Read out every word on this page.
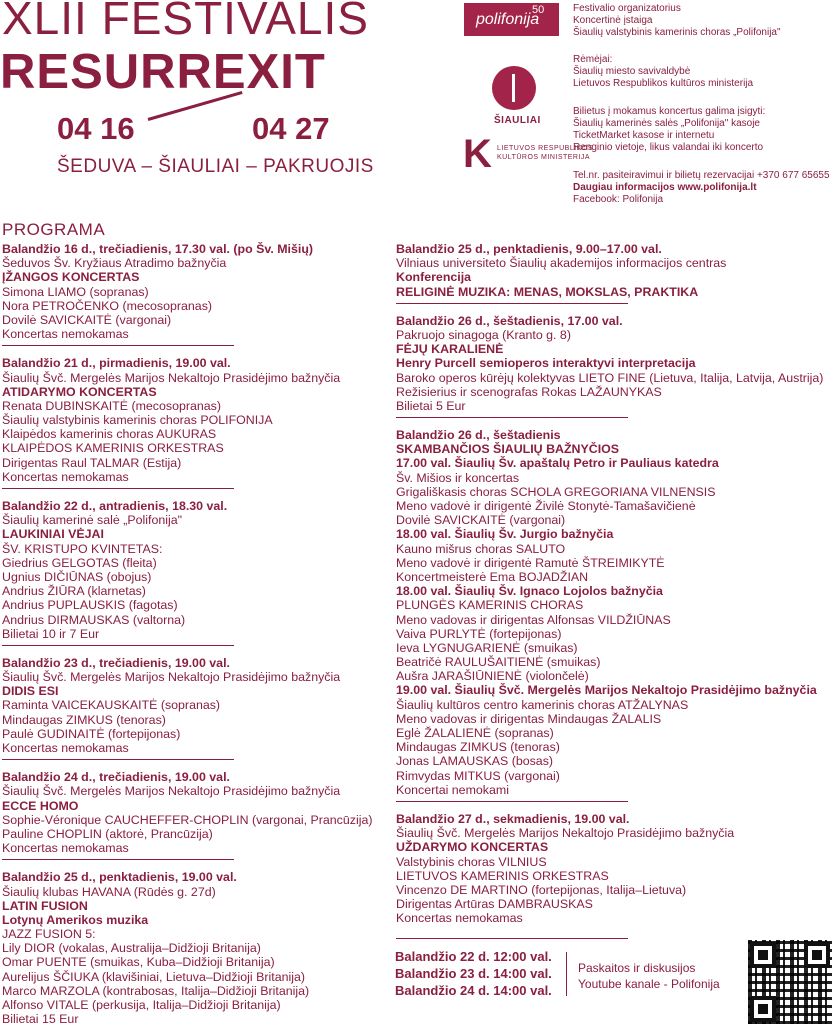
XLII FESTIVALIS
RESURREXIT
04 16	04 27
ŠEDUVA – ŠIAULIAI – PAKRUOJIS
50
polifonija
ŠIAULIAI
K LIETUVOS RESPUBLIKOS
KULTŪROS MINISTERIJA
Festivalio organizatorius
Koncertinė įstaiga
Šiaulių valstybinis kamerinis choras „Polifonija"
Rėmėjai:
Šiaulių miesto savivaldybė
Lietuvos Respublikos kultūros ministerija
Bilietus į mokamus koncertus galima įsigyti:
Šiaulių kamerinės salės „Polifonija" kasoje
TicketMarket kasose ir internetu
Renginio vietoje, likus valandai iki koncerto
Tel.nr. pasiteiravimui ir bilietų rezervacijai +370 677 65655
Daugiau informacijos www.polifonija.lt
Facebook: Polifonija
PROGRAMA
Balandžio 16 d., trečiadienis, 17.30 val. (po Šv. Mišių)
Šeduvos Šv. Kryžiaus Atradimo bažnyčia
ĮŽANGOS KONCERTAS
Simona LIAMO (sopranas)
Nora PETROČENKO (mecosopranas)
Dovilė SAVICKAITĖ (vargonai)
Koncertas nemokamas
Balandžio 21 d., pirmadienis, 19.00 val.
Šiaulių Švč. Mergelės Marijos Nekaltojo Prasidėjimo bažnyčia
ATIDARYMO KONCERTAS
Renata DUBINSKAITĖ (mecosopranas)
Šiaulių valstybinis kamerinis choras POLIFONIJA
Klaipėdos kamerinis choras AUKURAS
KLAIPĖDOS KAMERINIS ORKESTRAS
Dirigentas Raul TALMAR (Estija)
Koncertas nemokamas
Balandžio 22 d., antradienis, 18.30 val.
Šiaulių kamerinė salė „Polifonija"
LAUKINIAI VĖJAI
ŠV. KRISTUPO KVINTETAS:
Giedrius GELGOTAS (fleita)
Ugnius DIČIŪNAS (obojus)
Andrius ŽIŪRA (klarnetas)
Andrius PUPLAUSKIS (fagotas)
Andrius DIRMAUSKAS (valtorna)
Bilietai 10 ir 7 Eur
Balandžio 23 d., trečiadienis, 19.00 val.
Šiaulių Švč. Mergelės Marijos Nekaltojo Prasidėjimo bažnyčia
DIDIS ESI
Raminta VAICEKAUSKAITĖ (sopranas)
Mindaugas ZIMKUS (tenoras)
Paulė GUDINAITĖ (fortepijonas)
Koncertas nemokamas
Balandžio 24 d., trečiadienis, 19.00 val.
Šiaulių Švč. Mergelės Marijos Nekaltojo Prasidėjimo bažnyčia
ECCE HOMO
Sophie-Véronique CAUCHEFFER-CHOPLIN (vargonai, Prancūzija)
Pauline CHOPLIN (aktorė, Prancūzija)
Koncertas nemokamas
Balandžio 25 d., penktadienis, 19.00 val.
Šiaulių klubas HAVANA (Rūdės g. 27d)
LATIN FUSION
Lotynų Amerikos muzika
JAZZ FUSION 5:
Lily DIOR (vokalas, Australija–Didžioji Britanija)
Omar PUENTE (smuikas, Kuba–Didžioji Britanija)
Aurelijus ŠČIUKA (klavišiniai, Lietuva–Didžioji Britanija)
Marco MARZOLA (kontrabosas, Italija–Didžioji Britanija)
Alfonso VITALE (perkusija, Italija–Didžioji Britanija)
Bilietai 15 Eur
Balandžio 25 d., penktadienis, 9.00–17.00 val.
Vilniaus universiteto Šiaulių akademijos informacijos centras
Konferencija
RELIGINĖ MUZIKA: MENAS, MOKSLAS, PRAKTIKA
Balandžio 26 d., šeštadienis, 17.00 val.
Pakruojo sinagoga (Kranto g. 8)
FĖJŲ KARALIENĖ
Henry Purcell semioperos interaktyvi interpretacija
Baroko operos kūrėjų kolektyvas LIETO FINE (Lietuva, Italija, Latvija, Austrija)
Režisierius ir scenografas Rokas LAŽAUNYKAS
Bilietai 5 Eur
Balandžio 26 d., šeštadienis
SKAMBANČIOS ŠIAULIŲ BAŽNYČIOS
17.00 val. Šiaulių Šv. apaštalų Petro ir Pauliaus katedra
Šv. Mišios ir koncertas
Grigališkasis choras SCHOLA GREGORIANA VILNENSIS
Meno vadovė ir dirigentė Živilė Stonytė-Tamašavičienė
Dovilė SAVICKAITĖ (vargonai)
18.00 val. Šiaulių Šv. Jurgio bažnyčia
Kauno mišrus choras SALUTO
Meno vadovė ir dirigentė Ramutė ŠTREIMIKYTĖ
Koncertmeisterė Ema BOJADŽIAN
18.00 val. Šiaulių Šv. Ignaco Lojolos bažnyčia
PLUNGĖS KAMERINIS CHORAS
Meno vadovas ir dirigentas Alfonsas VILDŽIŪNAS
Vaiva PURLYTĖ (fortepijonas)
Ieva LYGNUGARIENĖ (smuikas)
Beatričė RAULUŠAITIENĖ (smuikas)
Aušra JARAŠIŪNIENĖ (violončelė)
19.00 val. Šiaulių Švč. Mergelės Marijos Nekaltojo Prasidėjimo bažnyčia
Šiaulių kultūros centro kamerinis choras ATŽALYNAS
Meno vadovas ir dirigentas Mindaugas ŽALALIS
Eglė ŽALALIENĖ (sopranas)
Mindaugas ZIMKUS (tenoras)
Jonas LAMAUSKAS (bosas)
Rimvydas MITKUS (vargonai)
Koncertai nemokami
Balandžio 27 d., sekmadienis, 19.00 val.
Šiaulių Švč. Mergelės Marijos Nekaltojo Prasidėjimo bažnyčia
UŽDARYMO KONCERTAS
Valstybinis choras VILNIUS
LIETUVOS KAMERINIS ORKESTRAS
Vincenzo DE MARTINO (fortepijonas, Italija–Lietuva)
Dirigentas Artūras DAMBRAUSKAS
Koncertas nemokamas
Balandžio 22 d. 12:00 val.
Balandžio 23 d. 14:00 val.
Balandžio 24 d. 14:00 val.
Paskaitos ir diskusijos
Youtube kanale - Polifonija
